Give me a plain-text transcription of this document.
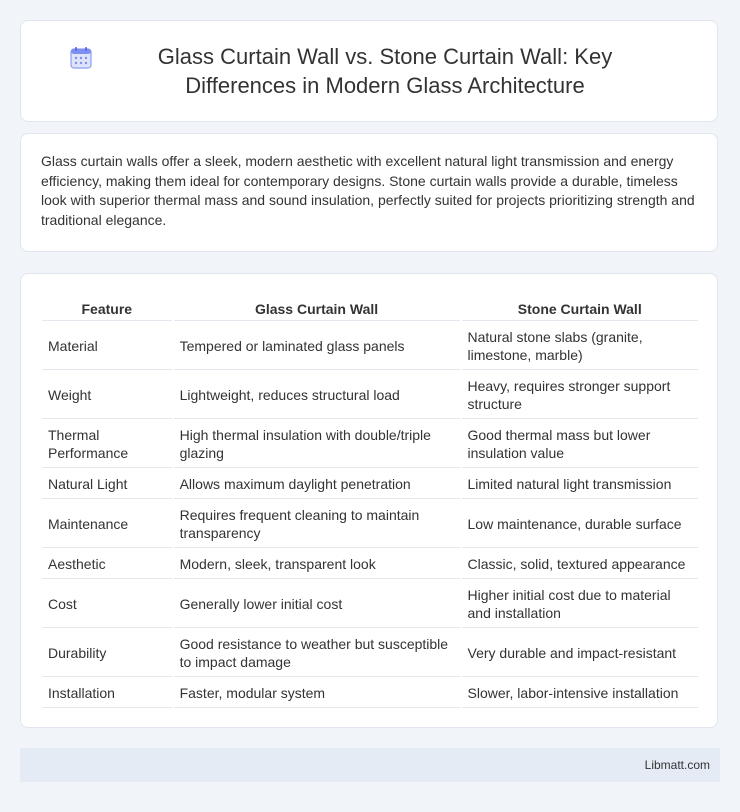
Glass Curtain Wall vs. Stone Curtain Wall: Key Differences in Modern Glass Architecture

Glass curtain walls offer a sleek, modern aesthetic with excellent natural light transmission and energy efficiency, making them ideal for contemporary designs. Stone curtain walls provide a durable, timeless look with superior thermal mass and sound insulation, perfectly suited for projects prioritizing strength and traditional elegance.

Feature	Glass Curtain Wall	Stone Curtain Wall
Material	Tempered or laminated glass panels	Natural stone slabs (granite, limestone, marble)
Weight	Lightweight, reduces structural load	Heavy, requires stronger support structure
Thermal Performance	High thermal insulation with double/triple glazing	Good thermal mass but lower insulation value
Natural Light	Allows maximum daylight penetration	Limited natural light transmission
Maintenance	Requires frequent cleaning to maintain transparency	Low maintenance, durable surface
Aesthetic	Modern, sleek, transparent look	Classic, solid, textured appearance
Cost	Generally lower initial cost	Higher initial cost due to material and installation
Durability	Good resistance to weather but susceptible to impact damage	Very durable and impact-resistant
Installation	Faster, modular system	Slower, labor-intensive installation
Libmatt.com
